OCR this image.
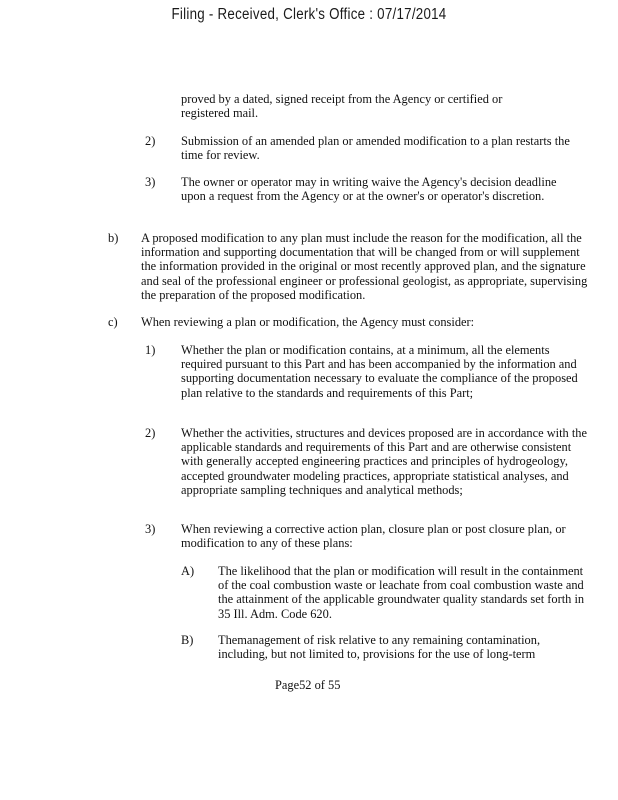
Filing - Received, Clerk's Office : 07/17/2014
proved by a dated, signed receipt from the Agency or certified or registered mail.
2) Submission of an amended plan or amended modification to a plan restarts the time for review.
3) The owner or operator may in writing waive the Agency's decision deadline upon a request from the Agency or at the owner's or operator's discretion.
b) A proposed modification to any plan must include the reason for the modification, all the information and supporting documentation that will be changed from or will supplement the information provided in the original or most recently approved plan, and the signature and seal of the professional engineer or professional geologist, as appropriate, supervising the preparation of the proposed modification.
c) When reviewing a plan or modification, the Agency must consider:
1) Whether the plan or modification contains, at a minimum, all the elements required pursuant to this Part and has been accompanied by the information and supporting documentation necessary to evaluate the compliance of the proposed plan relative to the standards and requirements of this Part;
2) Whether the activities, structures and devices proposed are in accordance with the applicable standards and requirements of this Part and are otherwise consistent with generally accepted engineering practices and principles of hydrogeology, accepted groundwater modeling practices, appropriate statistical analyses, and appropriate sampling techniques and analytical methods;
3) When reviewing a corrective action plan, closure plan or post closure plan, or modification to any of these plans:
A) The likelihood that the plan or modification will result in the containment of the coal combustion waste or leachate from coal combustion waste and the attainment of the applicable groundwater quality standards set forth in 35 Ill. Adm. Code 620.
B) Themanagement of risk relative to any remaining contamination, including, but not limited to, provisions for the use of long-term
Page52 of 55
